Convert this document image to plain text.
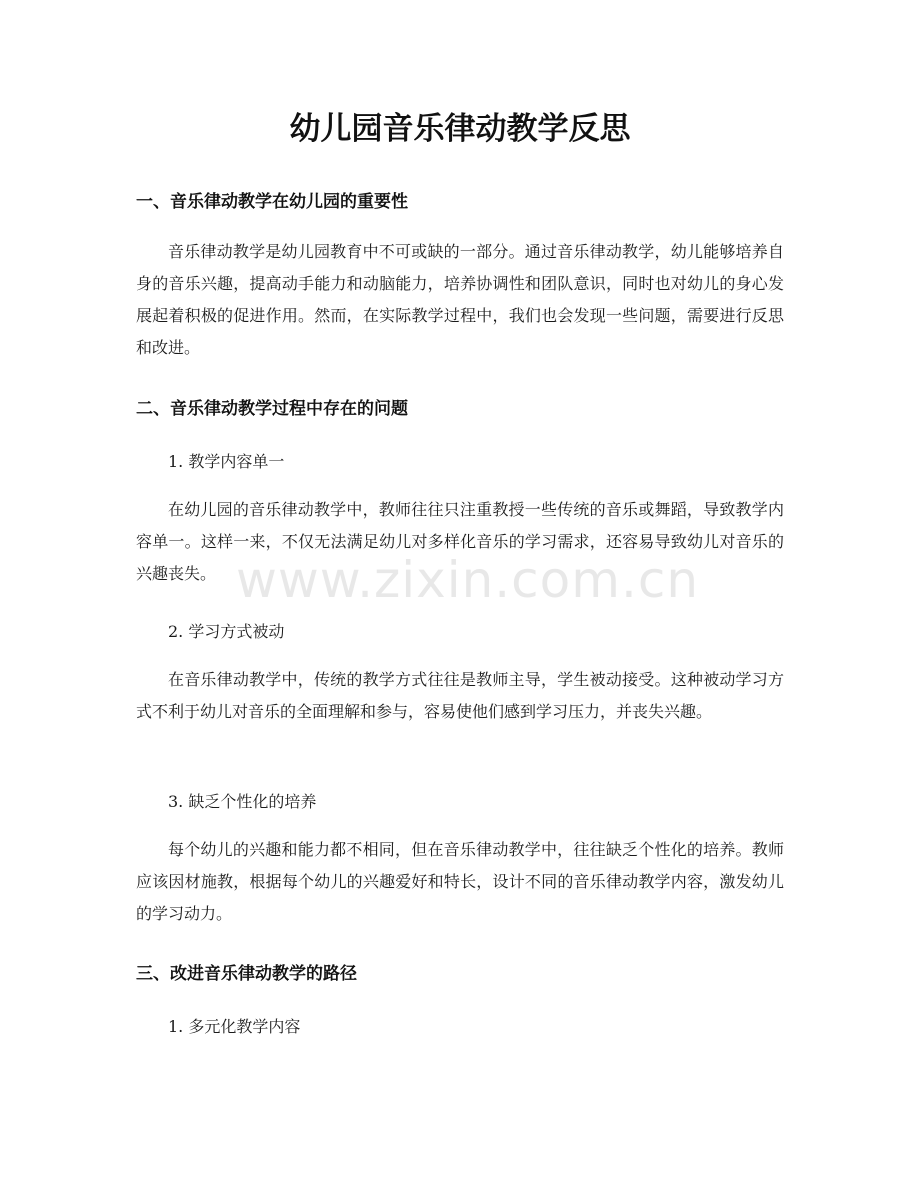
幼儿园音乐律动教学反思
一、音乐律动教学在幼儿园的重要性

音乐律动教学是幼儿园教育中不可或缺的一部分。通过音乐律动教学，幼儿能够培养自身的音乐兴趣，提高动手能力和动脑能力，培养协调性和团队意识，同时也对幼儿的身心发展起着积极的促进作用。然而，在实际教学过程中，我们也会发现一些问题，需要进行反思和改进。

二、音乐律动教学过程中存在的问题

1. 教学内容单一

在幼儿园的音乐律动教学中，教师往往只注重教授一些传统的音乐或舞蹈，导致教学内容单一。这样一来，不仅无法满足幼儿对多样化音乐的学习需求，还容易导致幼儿对音乐的兴趣丧失。

2. 学习方式被动

在音乐律动教学中，传统的教学方式往往是教师主导，学生被动接受。这种被动学习方式不利于幼儿对音乐的全面理解和参与，容易使他们感到学习压力，并丧失兴趣。

3. 缺乏个性化的培养

每个幼儿的兴趣和能力都不相同，但在音乐律动教学中，往往缺乏个性化的培养。教师应该因材施教，根据每个幼儿的兴趣爱好和特长，设计不同的音乐律动教学内容，激发幼儿的学习动力。

三、改进音乐律动教学的路径

1. 多元化教学内容

www.zixin.com.cn
